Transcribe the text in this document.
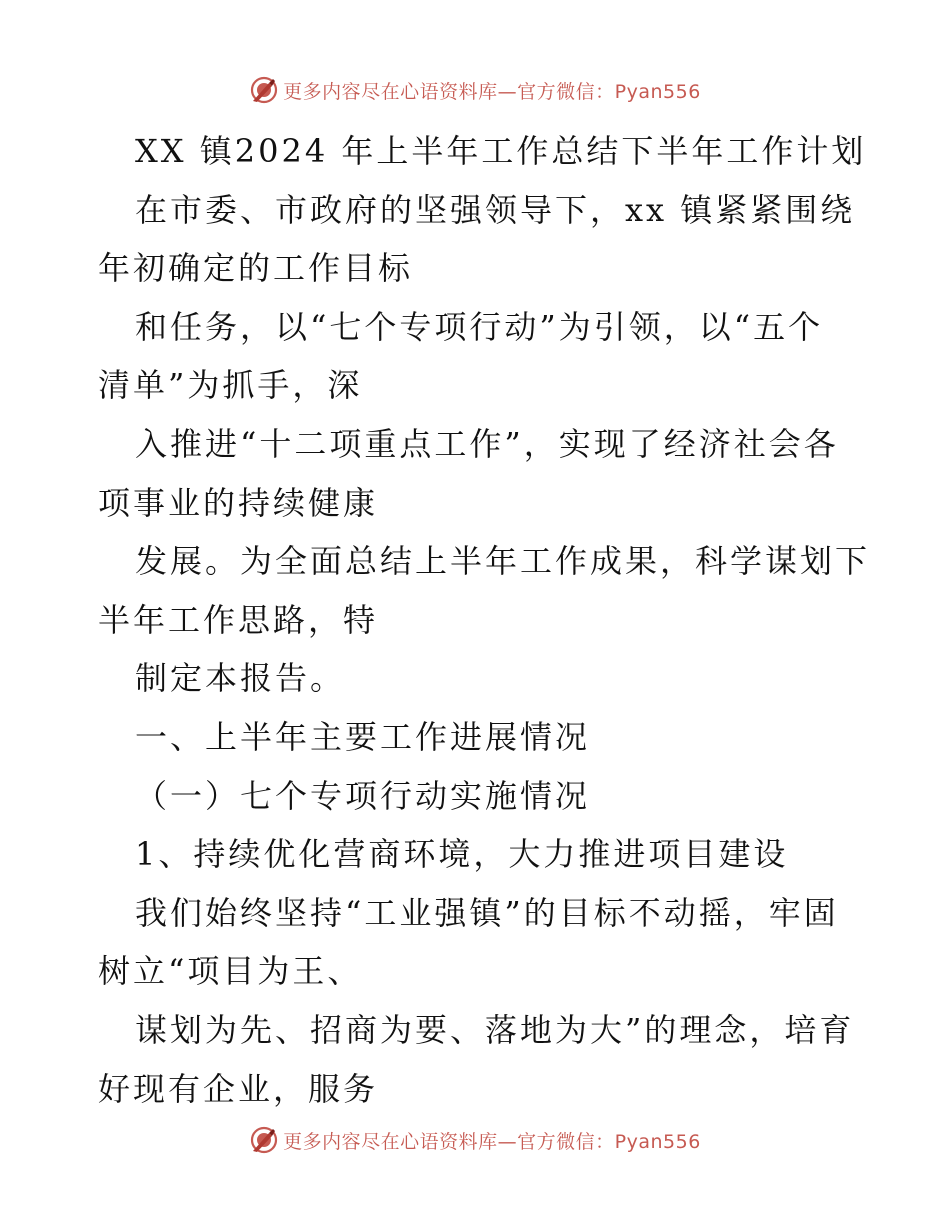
更多内容尽在心语资料库—官方微信：Pyan556
XX 镇2024 年上半年工作总结下半年工作计划
在市委、市政府的坚强领导下，xx 镇紧紧围绕
年初确定的工作目标
和任务，以“七个专项行动”为引领，以“五个
清单”为抓手，深
入推进“十二项重点工作”，实现了经济社会各
项事业的持续健康
发展。为全面总结上半年工作成果，科学谋划下
半年工作思路，特
制定本报告。
一、上半年主要工作进展情况
（一）七个专项行动实施情况
1、持续优化营商环境，大力推进项目建设
我们始终坚持“工业强镇”的目标不动摇，牢固
树立“项目为王、
谋划为先、招商为要、落地为大”的理念，培育
好现有企业，服务
更多内容尽在心语资料库—官方微信：Pyan556
